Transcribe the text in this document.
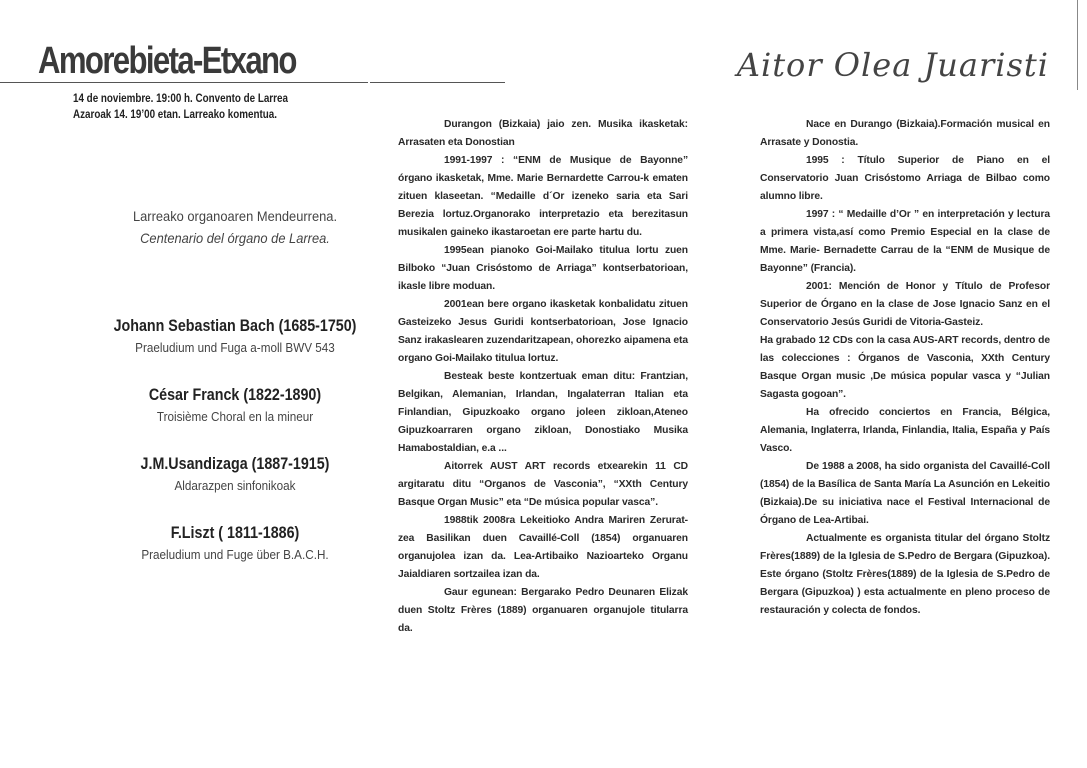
Amorebieta-Etxano	Aitor Olea Juaristi
14 de noviembre. 19:00 h. Convento de Larrea
Azaroak 14. 19’00 etan. Larreako komentua.
Larreako organoaren Mendeurrena.
Centenario del órgano de Larrea.
Johann Sebastian Bach (1685-1750)
Praeludium und Fuga a-moll BWV 543
César Franck (1822-1890)
Troisième Choral en la mineur
J.M.Usandizaga (1887-1915)
Aldarazpen sinfonikoak
F.Liszt ( 1811-1886)
Praeludium und Fuge über B.A.C.H.

Durangon (Bizkaia) jaio zen. Musika ikasketak: Arrasaten eta Donostian

1991-1997 : “ENM de Musique de Bayonne” órgano ikasketak, Mme. Marie Bernardette Carrou-k ematen zituen klaseetan. “Medaille d´Or izeneko saria eta Sari Berezia lortuz.Organorako interpretazio eta berezitasun musikalen gaineko ikastaroetan ere parte hartu du.

1995ean pianoko Goi-Mailako titulua lortu zuen Bilboko “Juan Crisóstomo de Arriaga” kontserbatorioan, ikasle libre moduan.

2001ean bere organo ikasketak konbalidatu zituen Gasteizeko Jesus Guridi kontserbatorioan, Jose Ignacio Sanz irakaslearen zuzendaritzapean, ohorezko aipamena eta organo Goi-Mailako titulua lortuz.

Besteak beste kontzertuak eman ditu: Frantzian, Belgikan, Alemanian, Irlandan, Ingalaterran Italian eta Finlandian, Gipuzkoako organo joleen zikloan,Ateneo Gipuzkoarraren organo zikloan, Donostiako Musika Hamabostaldian, e.a ...

Aitorrek AUST ART records etxearekin 11 CD argitaratu ditu “Organos de Vasconia”, “XXth Century Basque Organ Music” eta “De música popular vasca”.

1988tik 2008ra Lekeitioko Andra Mariren Zerurat-zea Basilikan duen Cavaillé-Coll (1854) organuaren organujolea izan da. Lea-Artibaiko Nazioarteko Organu Jaialdiaren sortzailea izan da.

Gaur egunean: Bergarako Pedro Deunaren Elizak duen Stoltz Frères (1889) organuaren organujole titularra da.

Nace en Durango (Bizkaia).Formación musical en Arrasate y Donostia.

1995 : Título Superior de Piano en el Conservatorio Juan Crisóstomo Arriaga de Bilbao como alumno libre.

1997 : “ Medaille d’Or ” en interpretación y lectura a primera vista,así como Premio Especial en la clase de Mme. Marie- Bernadette Carrau de la “ENM de Musique de Bayonne” (Francia).

2001: Mención de Honor y Título de Profesor Superior de Órgano en la clase de Jose Ignacio Sanz en el Conservatorio Jesús Guridi de Vitoria-Gasteiz.

Ha grabado 12 CDs con la casa AUS-ART records, dentro de las colecciones : Órganos de Vasconia, XXth Century Basque Organ music ,De música popular vasca y “Julian Sagasta gogoan”.

Ha ofrecido conciertos en Francia, Bélgica, Alemania, Inglaterra, Irlanda, Finlandia, Italia, España y País Vasco.

De 1988 a 2008, ha sido organista del Cavaillé-Coll (1854) de la Basílica de Santa María La Asunción en Lekeitio (Bizkaia).De su iniciativa nace el Festival Internacional de Órgano de Lea-Artibai.

Actualmente es organista titular del órgano Stoltz Frères(1889) de la Iglesia de S.Pedro de Bergara (Gipuzkoa). Este órgano (Stoltz Frères(1889) de la Iglesia de S.Pedro de Bergara (Gipuzkoa) ) esta actualmente en pleno proceso de restauración y colecta de fondos.
